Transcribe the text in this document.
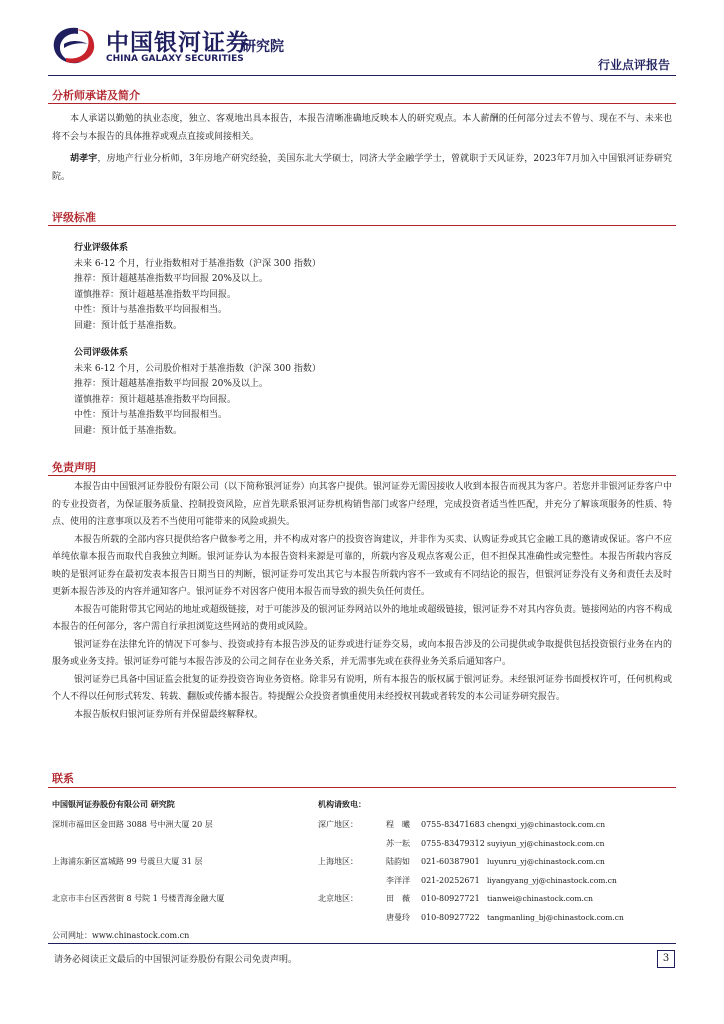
中国银河证券
CHINA GALAXY SECURITIES
研究院
行业点评报告
分析师承诺及简介
本人承诺以勤勉的执业态度，独立、客观地出具本报告，本报告清晰准确地反映本人的研究观点。本人薪酬的任何部分过去不曾与、现在不与、未来也将不会与本报告的具体推荐或观点直接或间接相关。
胡孝宇，房地产行业分析师，3年房地产研究经验，美国东北大学硕士，同济大学金融学学士，曾就职于天风证券，2023年7月加入中国银河证券研究院。
评级标准
行业评级体系
未来 6-12 个月，行业指数相对于基准指数（沪深 300 指数）
推荐：预计超越基准指数平均回报 20%及以上。
谨慎推荐：预计超越基准指数平均回报。
中性：预计与基准指数平均回报相当。
回避：预计低于基准指数。
公司评级体系
未来 6-12 个月，公司股价相对于基准指数（沪深 300 指数）
推荐：预计超越基准指数平均回报 20%及以上。
谨慎推荐：预计超越基准指数平均回报。
中性：预计与基准指数平均回报相当。
回避：预计低于基准指数。
免责声明

本报告由中国银河证券股份有限公司（以下简称银河证券）向其客户提供。银河证券无需因接收人收到本报告而视其为客户。若您并非银河证券客户中的专业投资者，为保证服务质量、控制投资风险，应首先联系银河证券机构销售部门或客户经理，完成投资者适当性匹配，并充分了解该项服务的性质、特点、使用的注意事项以及若不当使用可能带来的风险或损失。

本报告所载的全部内容只提供给客户做参考之用，并不构成对客户的投资咨询建议，并非作为买卖、认购证券或其它金融工具的邀请或保证。客户不应单纯依靠本报告而取代自我独立判断。银河证券认为本报告资料来源是可靠的，所载内容及观点客观公正，但不担保其准确性或完整性。本报告所载内容反映的是银河证券在最初发表本报告日期当日的判断，银河证券可发出其它与本报告所载内容不一致或有不同结论的报告，但银河证券没有义务和责任去及时更新本报告涉及的内容并通知客户。银河证券不对因客户使用本报告而导致的损失负任何责任。

本报告可能附带其它网站的地址或超级链接，对于可能涉及的银河证券网站以外的地址或超级链接，银河证券不对其内容负责。链接网站的内容不构成本报告的任何部分，客户需自行承担浏览这些网站的费用或风险。

银河证券在法律允许的情况下可参与、投资或持有本报告涉及的证券或进行证券交易，或向本报告涉及的公司提供或争取提供包括投资银行业务在内的服务或业务支持。银河证券可能与本报告涉及的公司之间存在业务关系，并无需事先或在获得业务关系后通知客户。

银河证券已具备中国证监会批复的证券投资咨询业务资格。除非另有说明，所有本报告的版权属于银河证券。未经银河证券书面授权许可，任何机构或个人不得以任何形式转发、转载、翻版或传播本报告。特提醒公众投资者慎重使用未经授权刊载或者转发的本公司证券研究报告。

本报告版权归银河证券所有并保留最终解释权。

联系
中国银河证券股份有限公司 研究院
深圳市福田区金田路 3088 号中洲大厦 20 层
上海浦东新区富城路 99 号震旦大厦 31 层
北京市丰台区西营街 8 号院 1 号楼青海金融大厦
公司网址：www.chinastock.com.cn
机构请致电：
深广地区：
上海地区：
北京地区：
程　曦
苏一耘
陆韵如
李洋洋
田　薇
唐曼玲
0755-83471683
0755-83479312
021-60387901
021-20252671
010-80927721
010-80927722
chengxi_yj@chinastock.com.cn
suyiyun_yj@chinastock.com.cn
luyunru_yj@chinastock.com.cn
liyangyang_yj@chinastock.com.cn
tianwei@chinastock.com.cn
tangmanling_bj@chinastock.com.cn
请务必阅读正文最后的中国银河证券股份有限公司免责声明。	3
